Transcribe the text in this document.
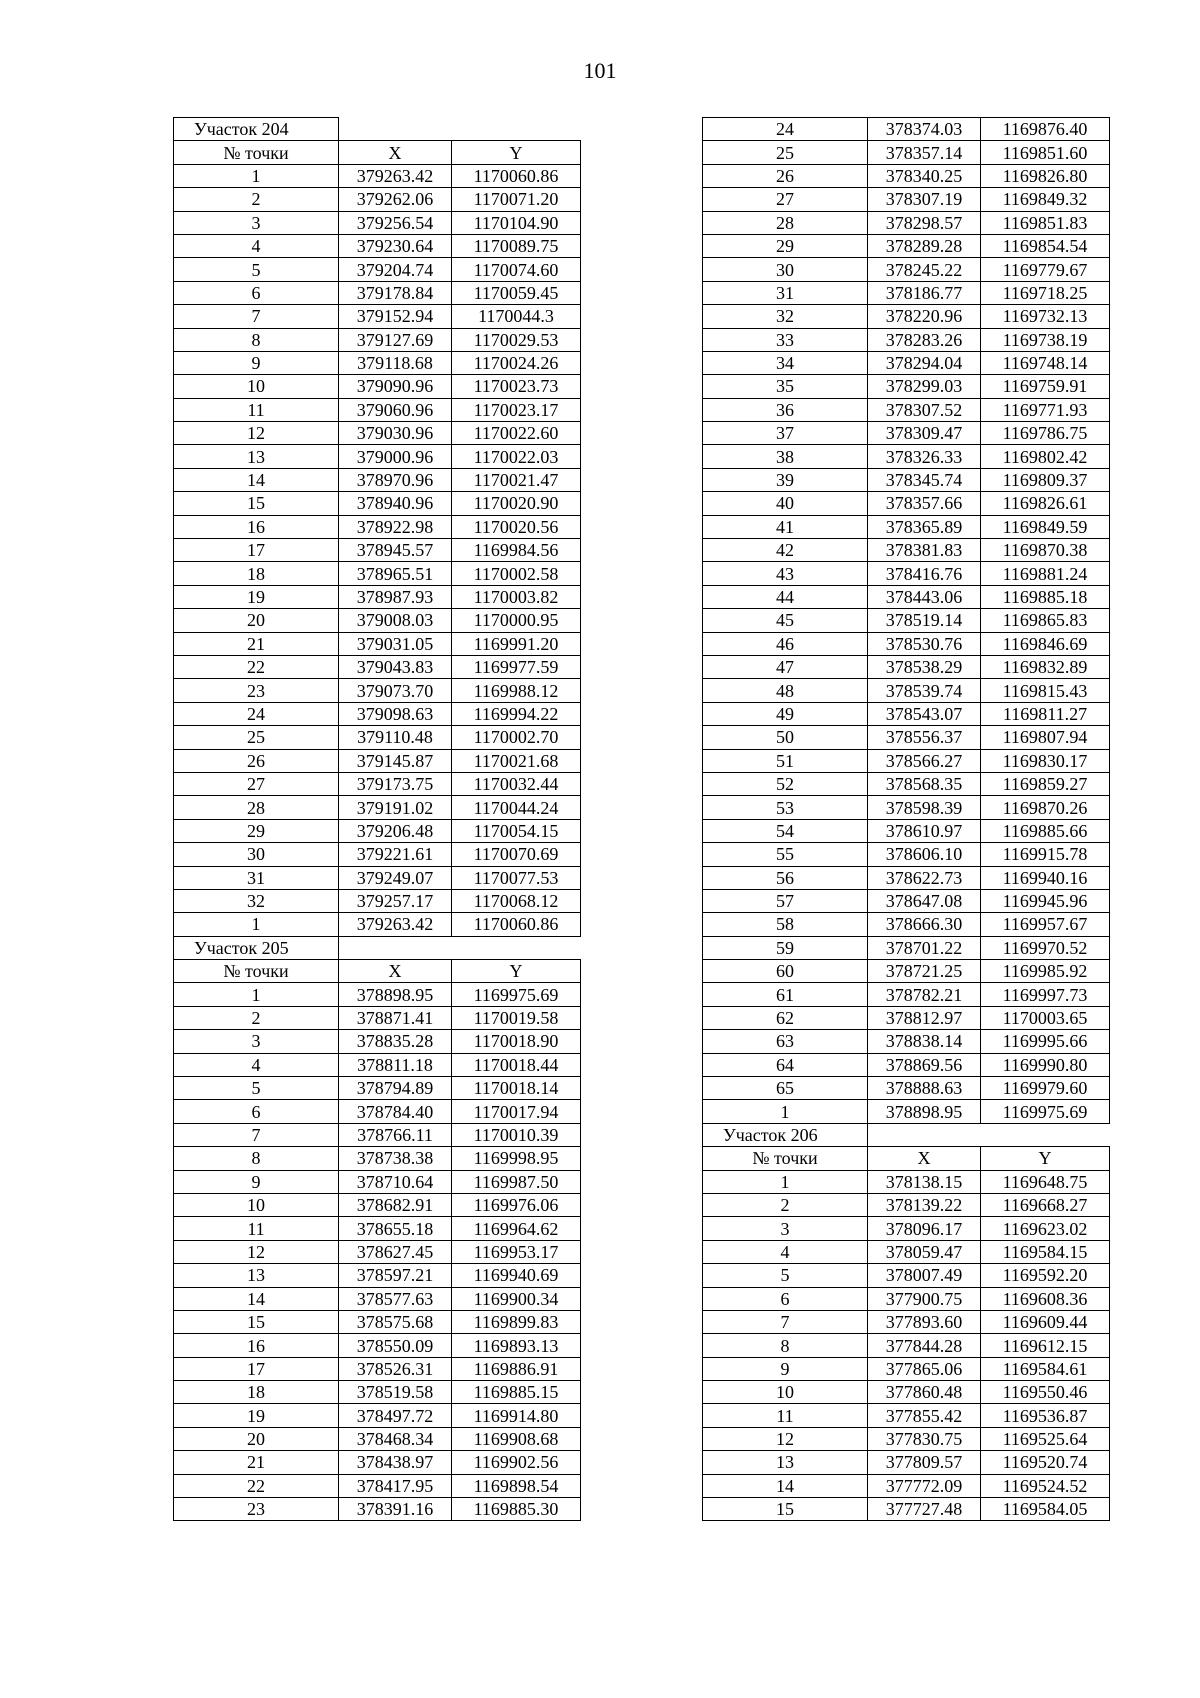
101
Участок 204		
№ точки	X	Y
1	379263.42	1170060.86
2	379262.06	1170071.20
3	379256.54	1170104.90
4	379230.64	1170089.75
5	379204.74	1170074.60
6	379178.84	1170059.45
7	379152.94	1170044.3
8	379127.69	1170029.53
9	379118.68	1170024.26
10	379090.96	1170023.73
11	379060.96	1170023.17
12	379030.96	1170022.60
13	379000.96	1170022.03
14	378970.96	1170021.47
15	378940.96	1170020.90
16	378922.98	1170020.56
17	378945.57	1169984.56
18	378965.51	1170002.58
19	378987.93	1170003.82
20	379008.03	1170000.95
21	379031.05	1169991.20
22	379043.83	1169977.59
23	379073.70	1169988.12
24	379098.63	1169994.22
25	379110.48	1170002.70
26	379145.87	1170021.68
27	379173.75	1170032.44
28	379191.02	1170044.24
29	379206.48	1170054.15
30	379221.61	1170070.69
31	379249.07	1170077.53
32	379257.17	1170068.12
1	379263.42	1170060.86
Участок 205		
№ точки	X	Y
1	378898.95	1169975.69
2	378871.41	1170019.58
3	378835.28	1170018.90
4	378811.18	1170018.44
5	378794.89	1170018.14
6	378784.40	1170017.94
7	378766.11	1170010.39
8	378738.38	1169998.95
9	378710.64	1169987.50
10	378682.91	1169976.06
11	378655.18	1169964.62
12	378627.45	1169953.17
13	378597.21	1169940.69
14	378577.63	1169900.34
15	378575.68	1169899.83
16	378550.09	1169893.13
17	378526.31	1169886.91
18	378519.58	1169885.15
19	378497.72	1169914.80
20	378468.34	1169908.68
21	378438.97	1169902.56
22	378417.95	1169898.54
23	378391.16	1169885.30
24	378374.03	1169876.40
25	378357.14	1169851.60
26	378340.25	1169826.80
27	378307.19	1169849.32
28	378298.57	1169851.83
29	378289.28	1169854.54
30	378245.22	1169779.67
31	378186.77	1169718.25
32	378220.96	1169732.13
33	378283.26	1169738.19
34	378294.04	1169748.14
35	378299.03	1169759.91
36	378307.52	1169771.93
37	378309.47	1169786.75
38	378326.33	1169802.42
39	378345.74	1169809.37
40	378357.66	1169826.61
41	378365.89	1169849.59
42	378381.83	1169870.38
43	378416.76	1169881.24
44	378443.06	1169885.18
45	378519.14	1169865.83
46	378530.76	1169846.69
47	378538.29	1169832.89
48	378539.74	1169815.43
49	378543.07	1169811.27
50	378556.37	1169807.94
51	378566.27	1169830.17
52	378568.35	1169859.27
53	378598.39	1169870.26
54	378610.97	1169885.66
55	378606.10	1169915.78
56	378622.73	1169940.16
57	378647.08	1169945.96
58	378666.30	1169957.67
59	378701.22	1169970.52
60	378721.25	1169985.92
61	378782.21	1169997.73
62	378812.97	1170003.65
63	378838.14	1169995.66
64	378869.56	1169990.80
65	378888.63	1169979.60
1	378898.95	1169975.69
Участок 206		
№ точки	X	Y
1	378138.15	1169648.75
2	378139.22	1169668.27
3	378096.17	1169623.02
4	378059.47	1169584.15
5	378007.49	1169592.20
6	377900.75	1169608.36
7	377893.60	1169609.44
8	377844.28	1169612.15
9	377865.06	1169584.61
10	377860.48	1169550.46
11	377855.42	1169536.87
12	377830.75	1169525.64
13	377809.57	1169520.74
14	377772.09	1169524.52
15	377727.48	1169584.05
